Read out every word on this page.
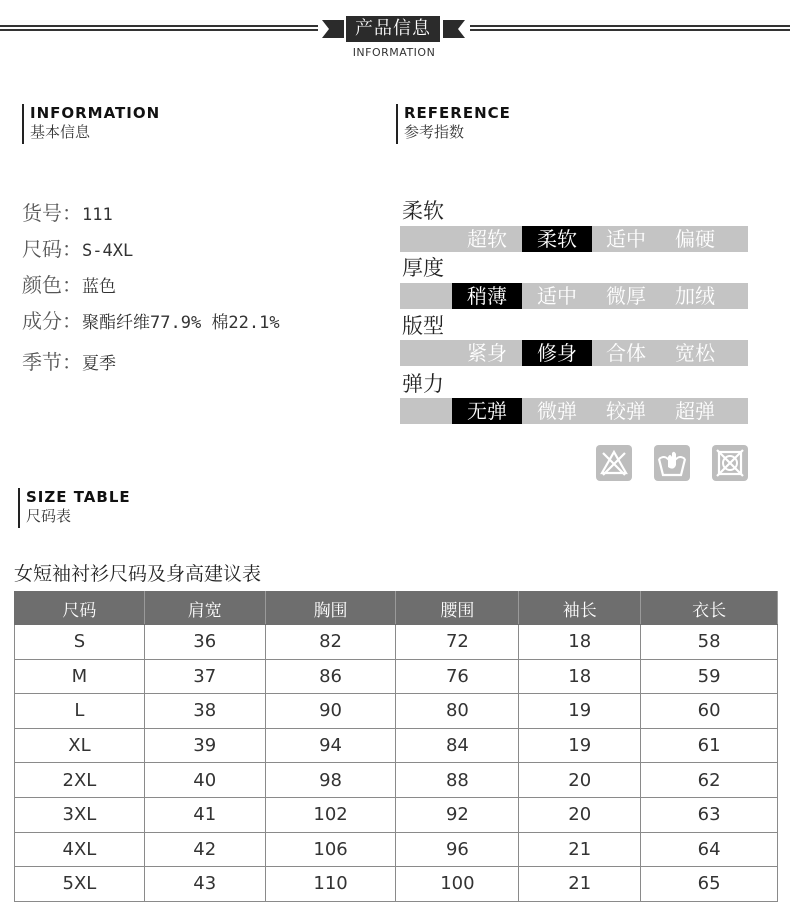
产品信息
INFORMATION
INFORMATION
基本信息
REFERENCE
参考指数
货号：111
尺码：S-4XL
颜色：蓝色
成分：聚酯纤维77.9% 棉22.1%
季节：夏季
柔软
超软	柔软	适中	偏硬
厚度
稍薄	适中	微厚	加绒
版型
紧身	修身	合体	宽松
弹力
无弹	微弹	较弹	超弹
SIZE TABLE
尺码表
女短袖衬衫尺码及身高建议表
尺码	肩宽	胸围	腰围	袖长	衣长
S	36	82	72	18	58
M	37	86	76	18	59
L	38	90	80	19	60
XL	39	94	84	19	61
2XL	40	98	88	20	62
3XL	41	102	92	20	63
4XL	42	106	96	21	64
5XL	43	110	100	21	65
